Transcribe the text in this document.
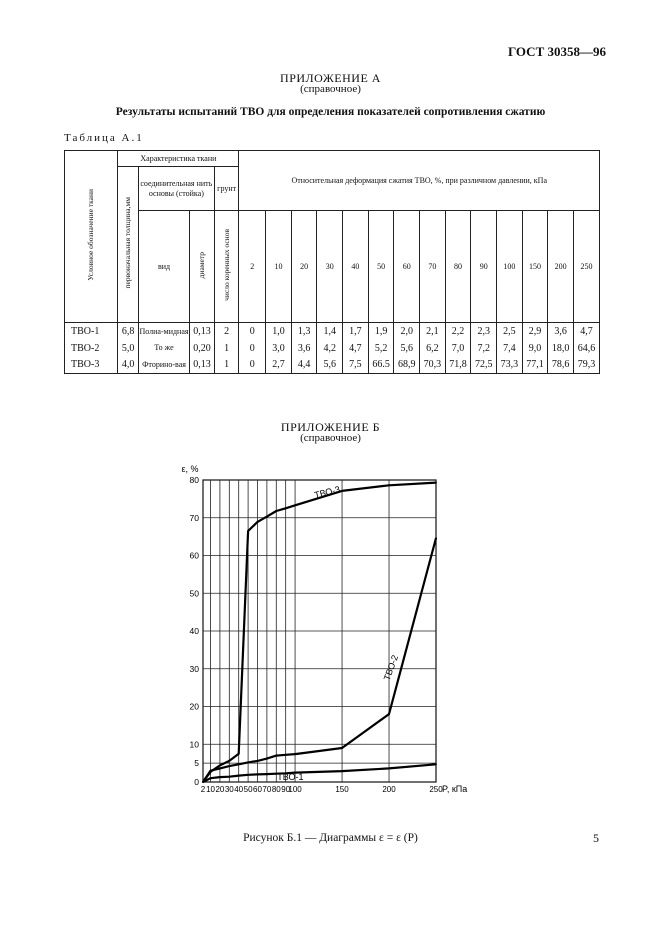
ГОСТ 30358—96
ПРИЛОЖЕНИЕ А
(справочное)
Результаты испытаний ТВО для определения показателей сопротивления сжатию
Таблица А.1
Условное обозначение ткани	Характеристика ткани				Относительная деформация сжатия ТВО, %, при различном давлении, кПа													
	первоначальная толщина,мм	соединительная нить основы (стойка)		грунт														
		вид	диаметр	число коренных основ	2	10	20	30	40	50	60	70	80	90	100	150	200	250
ТВО-1	6,8	Полиа-мидная	0,13	2	0	1,0	1,3	1,4	1,7	1,9	2,0	2,1	2,2	2,3	2,5	2,9	3,6	4,7
ТВО-2	5,0	То же	0,20	1	0	3,0	3,6	4,2	4,7	5,2	5,6	6,2	7,0	7,2	7,4	9,0	18,0	64,6
ТВО-3	4,0	Фторино-вая	0,13	1	0	2,7	4,4	5,6	7,5	66.5	68,9	70,3	71,8	72,5	73,3	77,1	78,6	79,3
ПРИЛОЖЕНИЕ Б
(справочное)
0
5
10
20
30
40
50
60
70
80
2 10 20 30 40 50 60 70 80 90
100	150	200	250
ε, %
P, кПа
ТВО-1
ТВО-2
ТВО-3
Рисунок Б.1 — Диаграммы ε = ε (P)	5
